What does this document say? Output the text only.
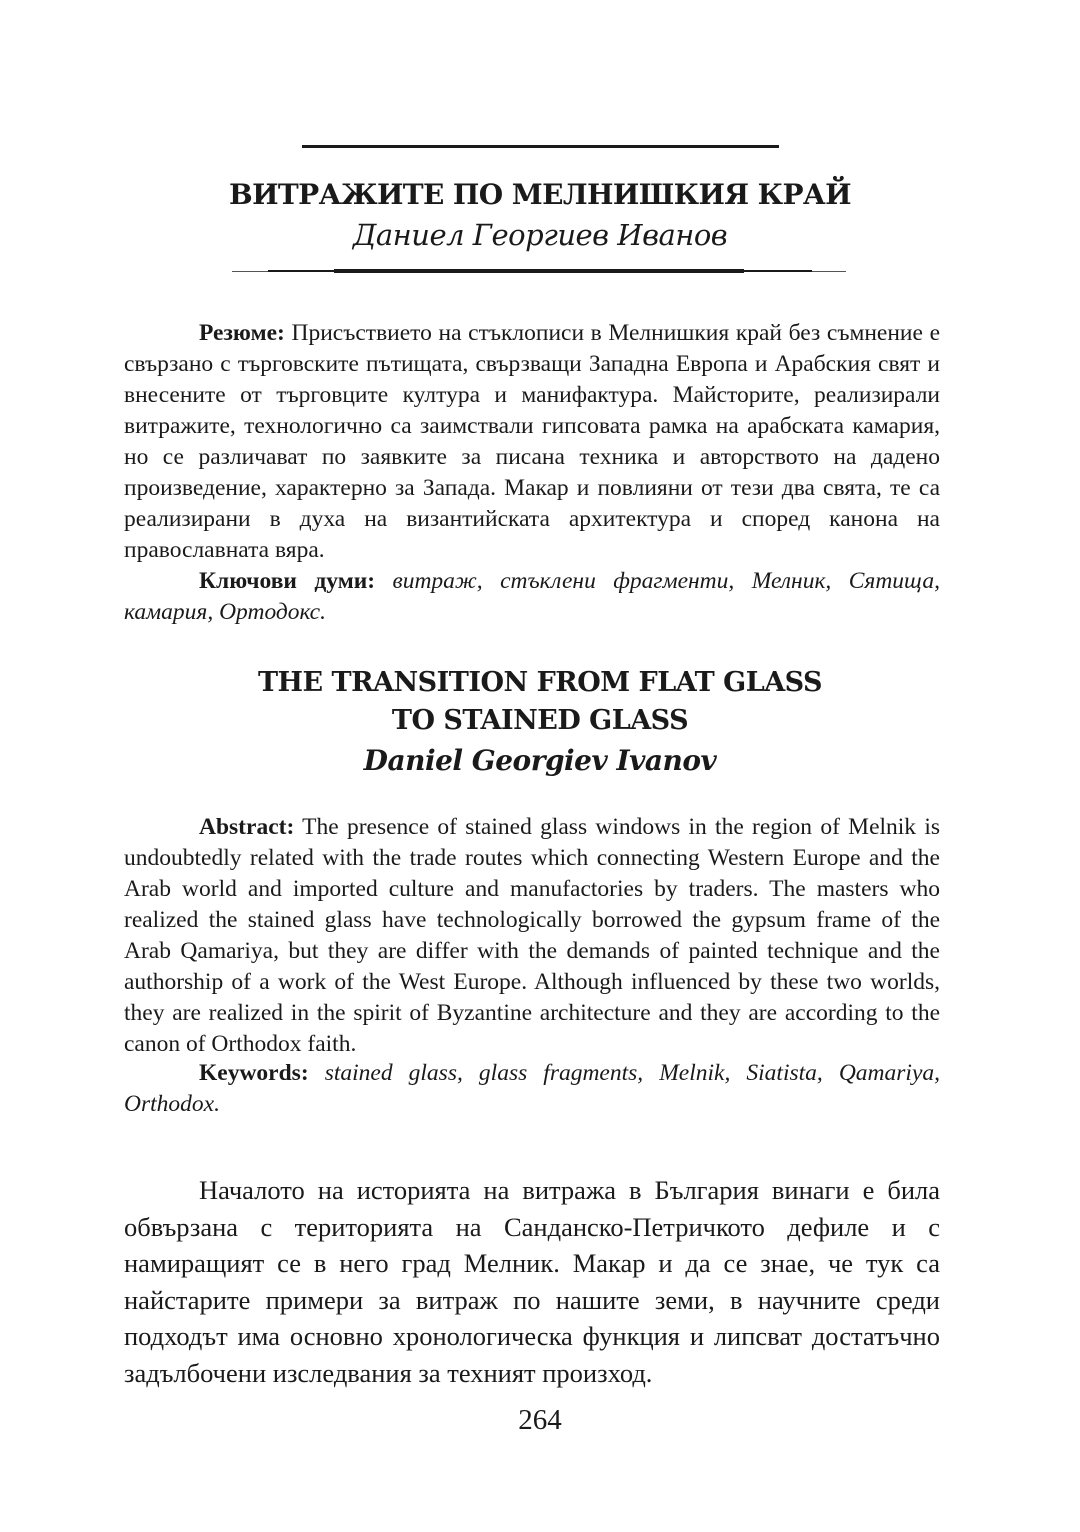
ВИТРАЖИТЕ ПО МЕЛНИШКИЯ КРАЙ
Даниел Георгиев Иванов

Резюме: Присъствието на стъклописи в Мелнишкия край без съмнение е свързано с търговските пътищата, свързващи Западна Европа и Арабския свят и внесените от търговците култура и манифактура. Майсторите, реализирали витражите, технологично са заимствали гипсовата рамка на арабската камария, но се различават по заявките за писана техника и авторството на дадено произведение, характерно за Запада. Макар и повлияни от тези два свята, те са реализирани в духа на византийската архитектура и според канона на православната вяра.

Ключови думи: витраж, стъклени фрагменти, Мелник, Сятища, камария, Ортодокс.

THE TRANSITION FROM FLAT GLASS
TO STAINED GLASS
Daniel Georgiev Ivanov

Abstract: The presence of stained glass windows in the region of Melnik is undoubtedly related with the trade routes which connecting Western Europe and the Arab world and imported culture and manufactories by traders. The masters who realized the stained glass have technologically borrowed the gypsum frame of the Arab Qamariya, but they are differ with the demands of painted technique and the authorship of a work of the West Europe. Although influenced by these two worlds, they are realized in the spirit of Byzantine architecture and they are according to the canon of Orthodox faith.

Keywords: stained glass, glass fragments, Melnik, Siatista, Qamariya, Orthodox.

Началото на историята на витража в България винаги е била обвързана с територията на Санданско-Петричкото дефиле и с намиращият се в него град Мелник. Макар и да се знае, че тук са найстарите примери за витраж по нашите земи, в научните среди подходът има основно хронологическа функция и липсват достатъчно задълбочени изследвания за техният произход.

264
